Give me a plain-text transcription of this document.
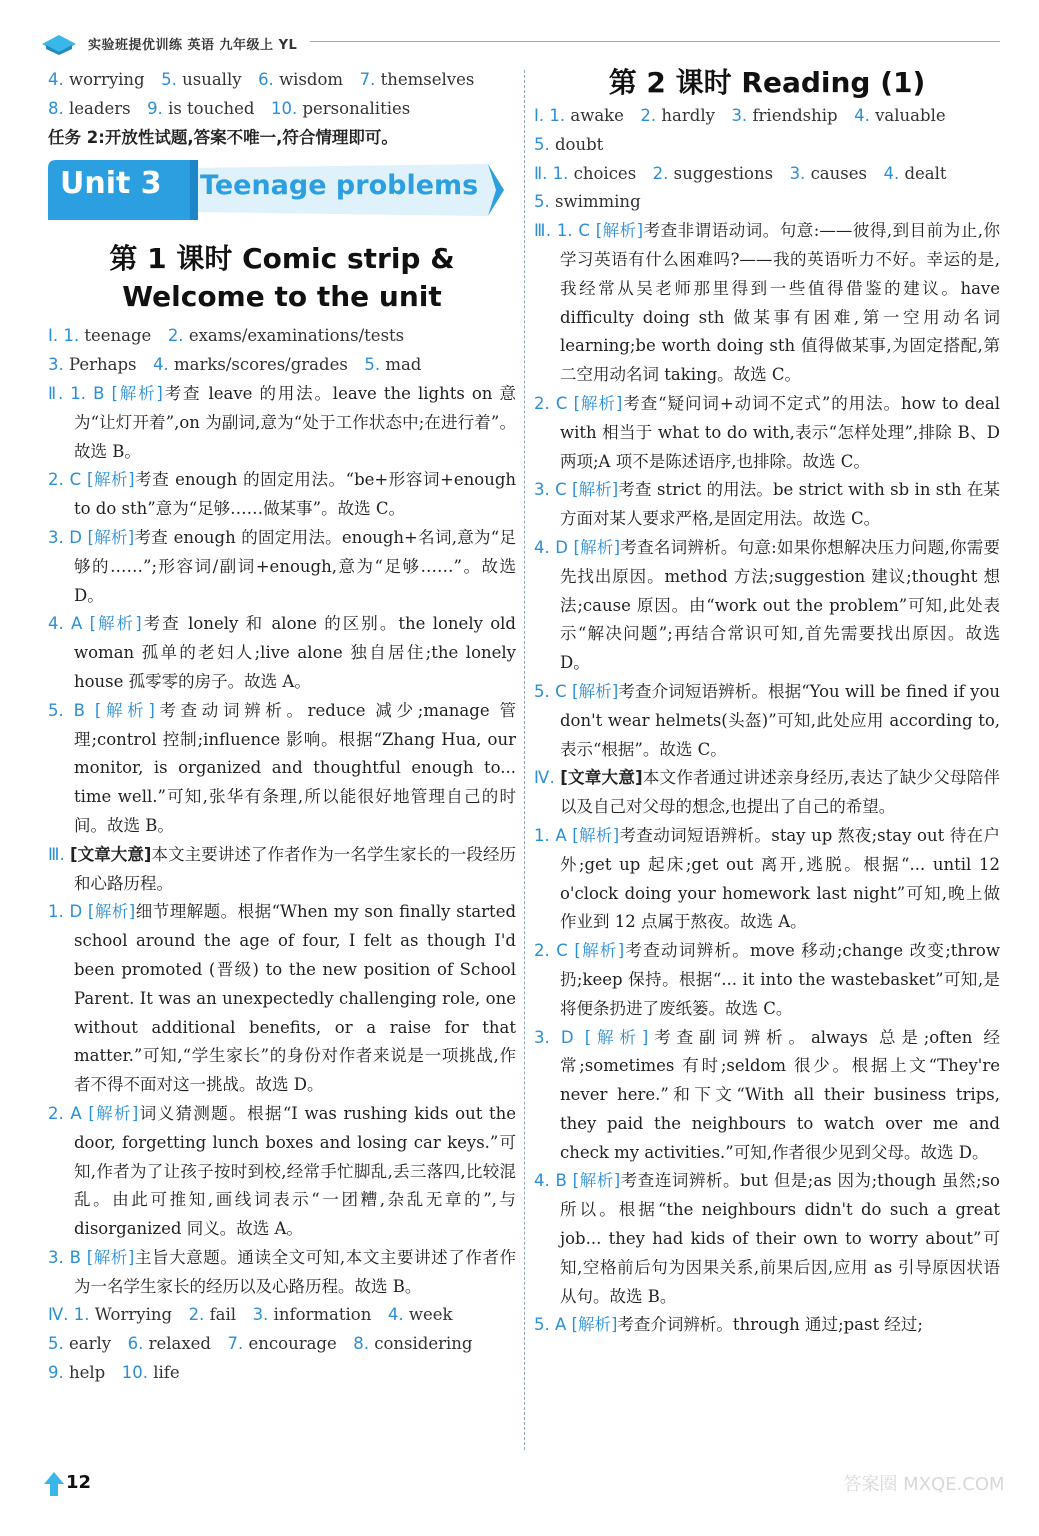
实验班提优训练 英语 九年级上 YL
4. worrying  5. usually  6. wisdom  7. themselves
8. leaders  9. is touched  10. personalities

任务 2:开放性试题,答案不唯一,符合情理即可。

Unit 3 Teenage problems
第 1 课时 Comic strip &
Welcome to the unit
Ⅰ. 1. teenage  2. exams/examinations/tests
3. Perhaps  4. marks/scores/grades  5. mad

Ⅱ. 1. B [解析]考查 leave 的用法。leave the lights on 意为“让灯开着”,on 为副词,意为“处于工作状态中;在进行着”。故选 B。

2. C [解析]考查 enough 的固定用法。“be+形容词+enough to do sth”意为“足够……做某事”。故选 C。

3. D [解析]考查 enough 的固定用法。enough+名词,意为“足够的……”;形容词/副词+enough,意为“足够……”。故选 D。

4. A [解析]考查 lonely 和 alone 的区别。the lonely old woman 孤单的老妇人;live alone 独自居住;the lonely house 孤零零的房子。故选 A。

5. B [解析]考查动词辨析。reduce 减少;manage 管理;control 控制;influence 影响。根据“Zhang Hua, our monitor, is organized and thoughtful enough to... time well.”可知,张华有条理,所以能很好地管理自己的时间。故选 B。

Ⅲ. [文章大意]本文主要讲述了作者作为一名学生家长的一段经历和心路历程。

1. D [解析]细节理解题。根据“When my son finally started school around the age of four, I felt as though I'd been promoted (晋级) to the new position of School Parent. It was an unexpectedly challenging role, one without additional benefits, or a raise for that matter.”可知,“学生家长”的身份对作者来说是一项挑战,作者不得不面对这一挑战。故选 D。

2. A [解析]词义猜测题。根据“I was rushing kids out the door, forgetting lunch boxes and losing car keys.”可知,作者为了让孩子按时到校,经常手忙脚乱,丢三落四,比较混乱。由此可推知,画线词表示“一团糟,杂乱无章的”,与 disorganized 同义。故选 A。

3. B [解析]主旨大意题。通读全文可知,本文主要讲述了作者作为一名学生家长的经历以及心路历程。故选 B。

Ⅳ. 1. Worrying  2. fail  3. information  4. week
5. early  6. relaxed  7. encourage  8. considering
9. help  10. life
第 2 课时 Reading (1)
Ⅰ. 1. awake  2. hardly  3. friendship  4. valuable
5. doubt
Ⅱ. 1. choices  2. suggestions  3. causes  4. dealt
5. swimming

Ⅲ. 1. C [解析]考查非谓语动词。句意:——彼得,到目前为止,你学习英语有什么困难吗?——我的英语听力不好。幸运的是,我经常从吴老师那里得到一些值得借鉴的建议。have difficulty doing sth 做某事有困难,第一空用动名词 learning;be worth doing sth 值得做某事,为固定搭配,第二空用动名词 taking。故选 C。

2. C [解析]考查“疑问词+动词不定式”的用法。how to deal with 相当于 what to do with,表示“怎样处理”,排除 B、D 两项;A 项不是陈述语序,也排除。故选 C。

3. C [解析]考查 strict 的用法。be strict with sb in sth 在某方面对某人要求严格,是固定用法。故选 C。

4. D [解析]考查名词辨析。句意:如果你想解决压力问题,你需要先找出原因。method 方法;suggestion 建议;thought 想法;cause 原因。由“work out the problem”可知,此处表示“解决问题”;再结合常识可知,首先需要找出原因。故选 D。

5. C [解析]考查介词短语辨析。根据“You will be fined if you don't wear helmets(头盔)”可知,此处应用 according to,表示“根据”。故选 C。

Ⅳ. [文章大意]本文作者通过讲述亲身经历,表达了缺少父母陪伴以及自己对父母的想念,也提出了自己的希望。

1. A [解析]考查动词短语辨析。stay up 熬夜;stay out 待在户外;get up 起床;get out 离开,逃脱。根据“... until 12 o'clock doing your homework last night”可知,晚上做作业到 12 点属于熬夜。故选 A。

2. C [解析]考查动词辨析。move 移动;change 改变;throw 扔;keep 保持。根据“... it into the wastebasket”可知,是将便条扔进了废纸篓。故选 C。

3. D [解析]考查副词辨析。always 总是;often 经常;sometimes 有时;seldom 很少。根据上文“They're never here.”和下文“With all their business trips, they paid the neighbours to watch over me and check my activities.”可知,作者很少见到父母。故选 D。

4. B [解析]考查连词辨析。but 但是;as 因为;though 虽然;so 所以。根据“the neighbours didn't do such a great job... they had kids of their own to worry about”可知,空格前后句为因果关系,前果后因,应用 as 引导原因状语从句。故选 B。

5. A [解析]考查介词辨析。through 通过;past 经过;

12	答案圈 MXQE.COM
